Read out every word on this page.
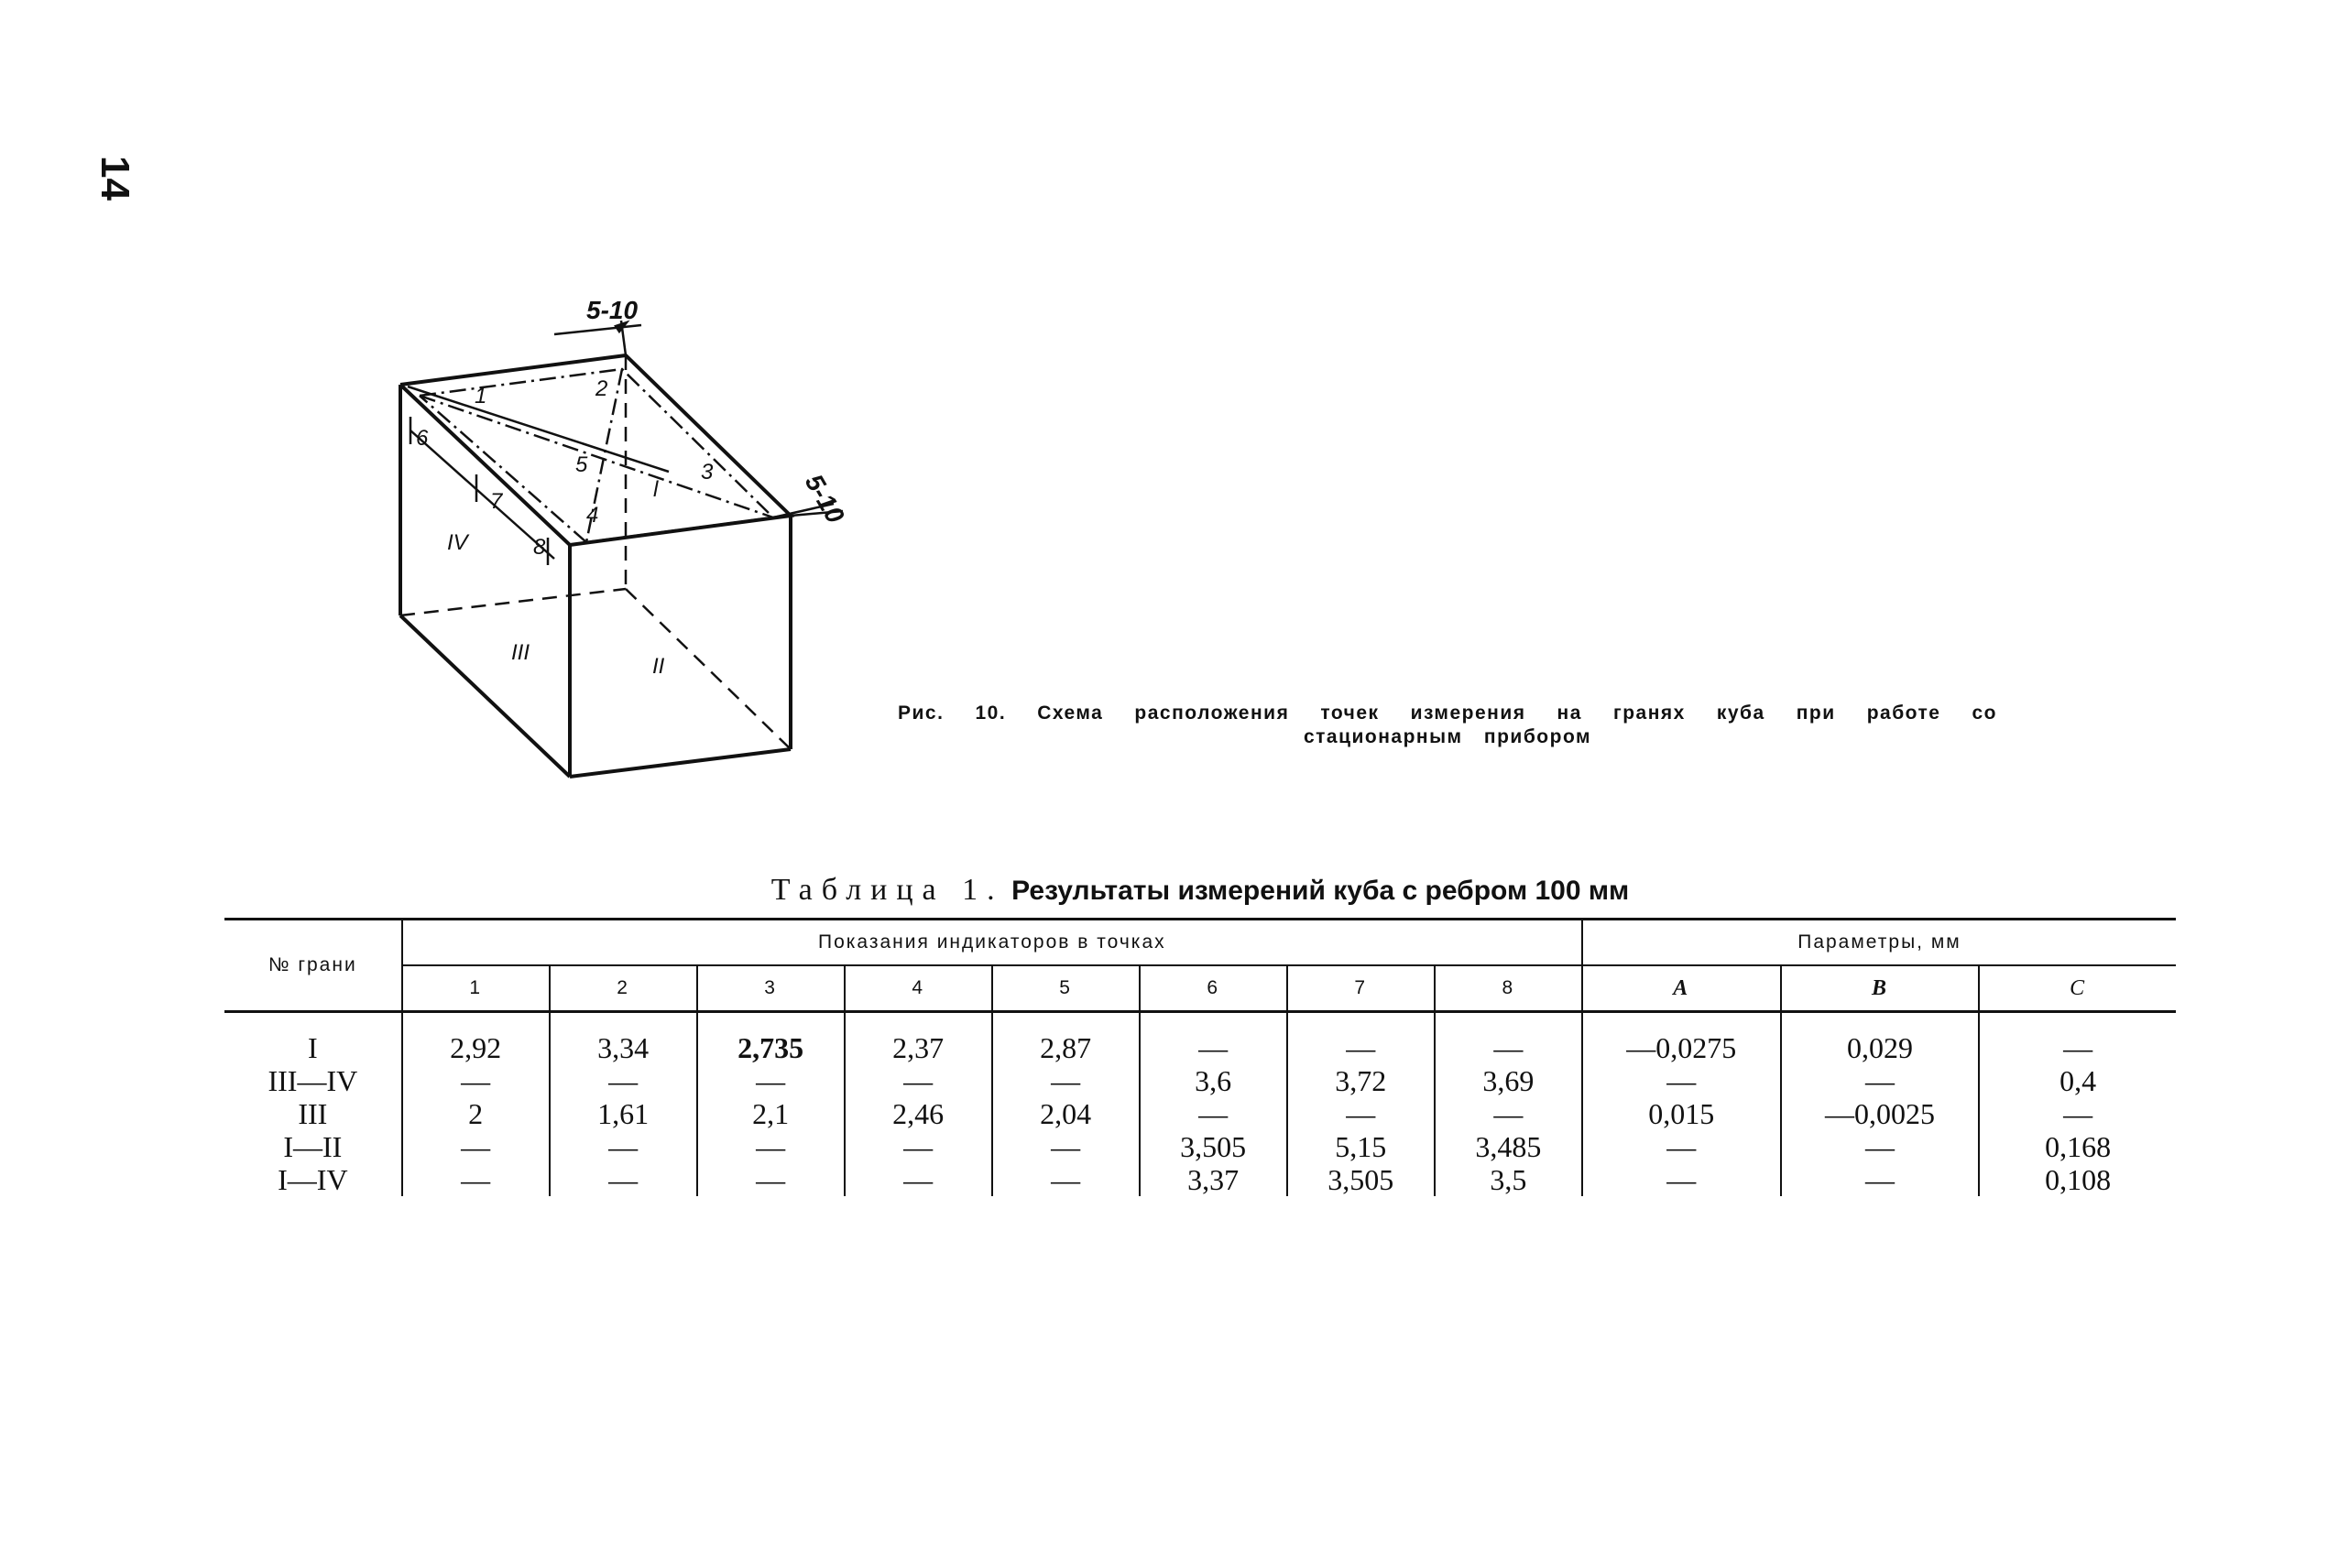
14
5-10
5-10
1	2
3
4
5
6
7
8
l
II
III
IV
Рис. 10. Схема расположения точек измерения на гранях куба при работе со
стационарным прибором
Таблица 1. Результаты измерений куба с ребром 100 мм
№ грани	Показания индикаторов в точках								Параметры, мм		
	1	2	3	4	5	6	7	8	A	B	C

I	2,92	3,34	2,735	2,37	2,87	—	—	—	—0,0275	0,029	—
III—IV	—	—	—	—	—	3,6	3,72	3,69	—	—	0,4
III	2	1,61	2,1	2,46	2,04	—	—	—	0,015	—0,0025	—
I—II	—	—	—	—	—	3,505	5,15	3,485	—	—	0,168
I—IV	—	—	—	—	—	3,37	3,505	3,5	—	—	0,108
